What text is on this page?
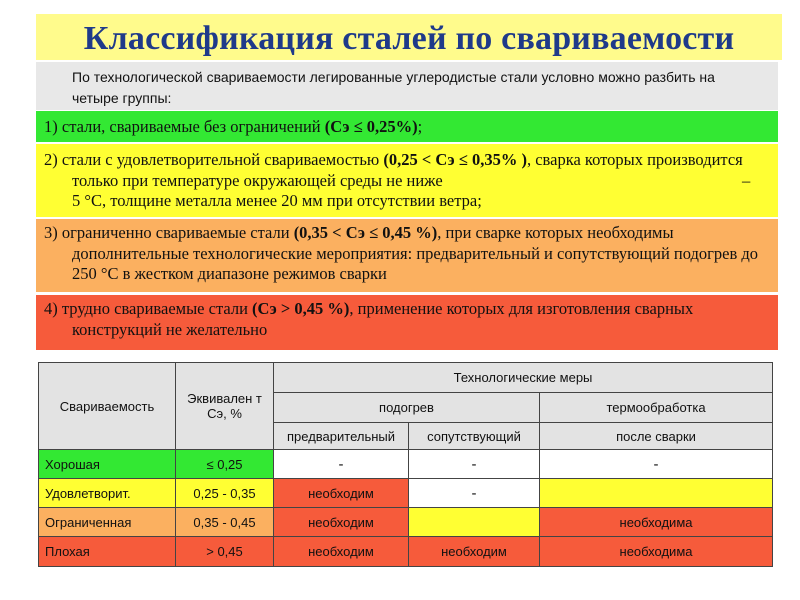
Классификация сталей по свариваемости
По технологической свариваемости легированные углеродистые стали условно можно разбить на четыре группы:
1) стали, свариваемые без ограничений (Сэ ≤ 0,25%);
2) стали с удовлетворительной свариваемостью (0,25 < Сэ ≤ 0,35% ), сварка которых производится только при температуре окружающей среды не ниже	–

5 °С, толщине металла менее 20 мм при отсутствии ветра;
3) ограниченно свариваемые стали (0,35 < Сэ ≤ 0,45 %), при сварке которых необходимы дополнительные технологические мероприятия: предварительный и сопутствующий подогрев до 250 °С в жестком диапазоне режимов сварки
4) трудно свариваемые стали (Сэ > 0,45 %), применение которых для изготовления сварных конструкций не желательно
Свариваемость	Эквивален т Сэ, %	Технологические меры		
		подогрев		термообработка
		предварительный	сопутствующий	после сварки
Хорошая	≤ 0,25	-	-	-
Удовлетворит.	0,25 - 0,35	необходим	-	
Ограниченная	0,35 - 0,45	необходим		необходима
Плохая	> 0,45	необходим	необходим	необходима
